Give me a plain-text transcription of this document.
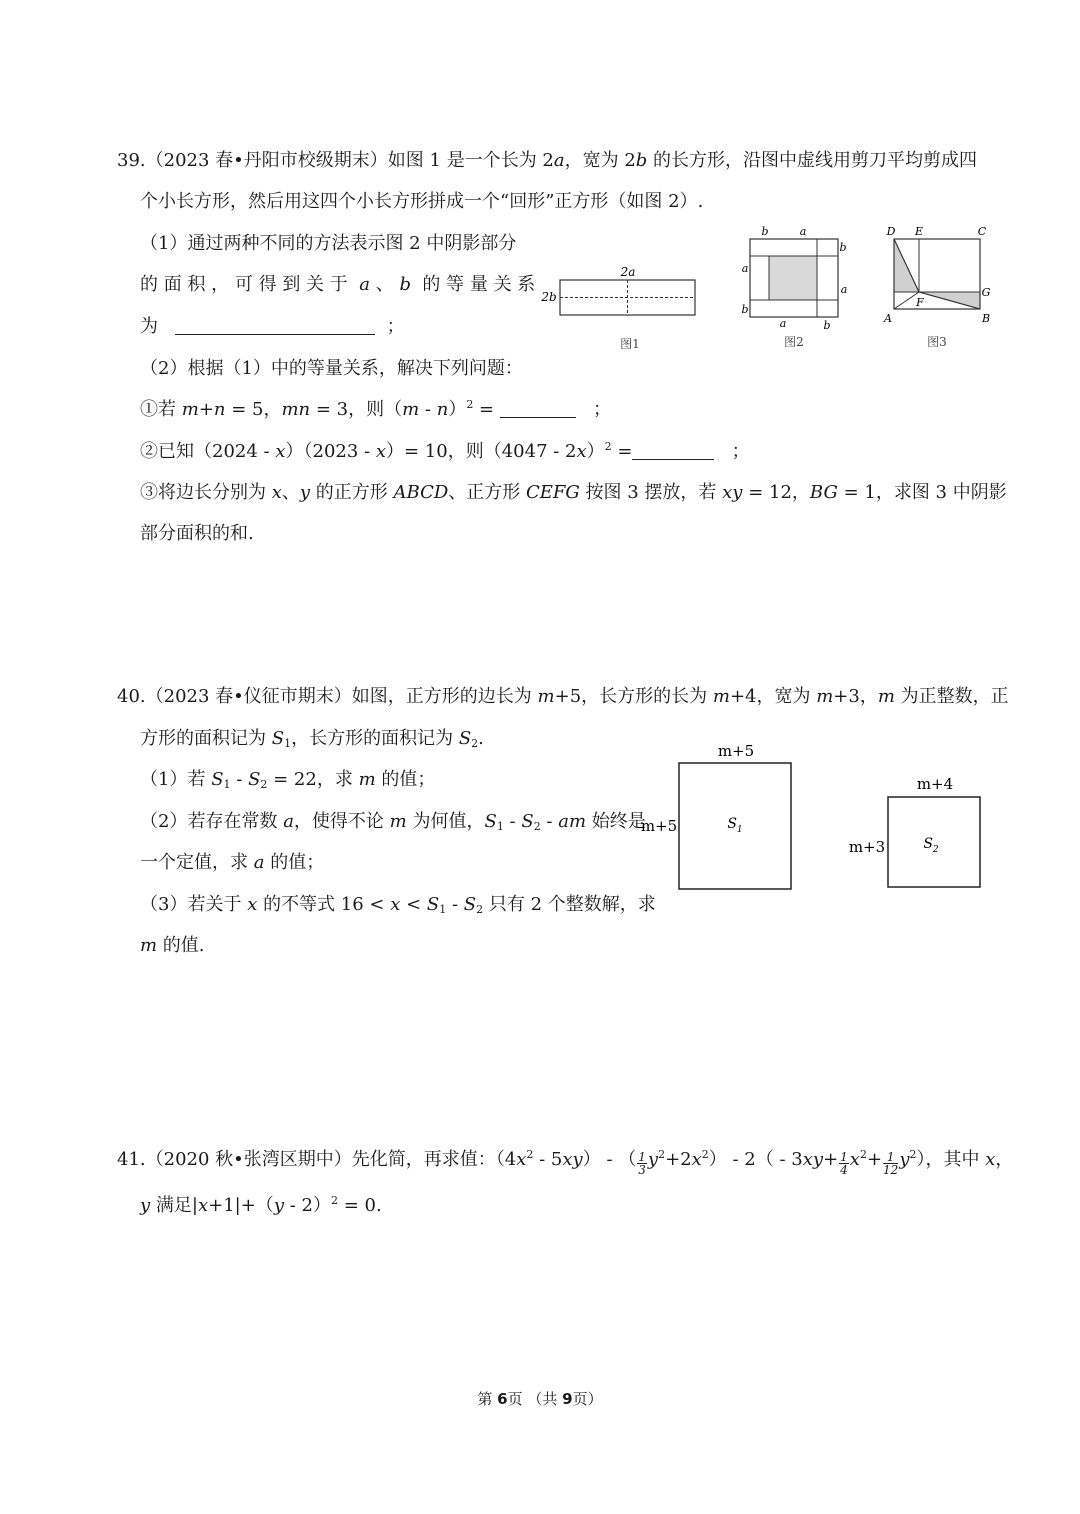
39.（2023 春•丹阳市校级期末）如图 1 是一个长为 2a，宽为 2b 的长方形，沿图中虚线用剪刀平均剪成四
个小长方形，然后用这四个小长方形拼成一个“回形”正方形（如图 2）.
（1）通过两种不同的方法表示图 2 中阴影部分
的 面 积 ， 可 得 到 关 于 a 、 b 的 等 量 关 系
为	；
（2）根据（1）中的等量关系，解决下列问题：
①若 m+n = 5，mn = 3，则（m - n）$^2$ =	；
②已知（2024 - x）（2023 - x）= 10，则（4047 - 2x）$^2$ =	；
③将边长分别为 x、y 的正方形 ABCD、正方形 CEFG 按图 3 摆放，若 xy = 12，BG = 1，求图 3 中阴影
部分面积的和.
2a
2b
图1
b	a
b
a
a
b
a	b
图2
D E	C
G
F
A	B
图3
40.（2023 春•仪征市期末）如图，正方形的边长为 m+5，长方形的长为 m+4，宽为 m+3，m 为正整数，正
方形的面积记为 $S_1$，长方形的面积记为 $S_2$.
（1）若 $S_1 - S_2 = 22$，求 m 的值；
（2）若存在常数 a，使得不论 m 为何值，$S_1 - S_2$ - am 始终是
一个定值，求 a 的值；
（3）若关于 x 的不等式 $16 < x < S_1 - S_2$ 只有 2 个整数解，求
m 的值.
m+5
m+5	$S_1$
m+4
m+3	$S_2$
41.（2020 秋•张湾区期中）先化简，再求值：$(4x^2 - 5xy)$ - （ $\frac{1}{3} y^2+2x^2) - 2( - 3xy+ \frac{1}{4} x^2+ \frac{1}{12} y^2)$，其中 x，
y 满足|x+1|+（y - 2）$^2$ = 0.
第 6页 （共 9页）
